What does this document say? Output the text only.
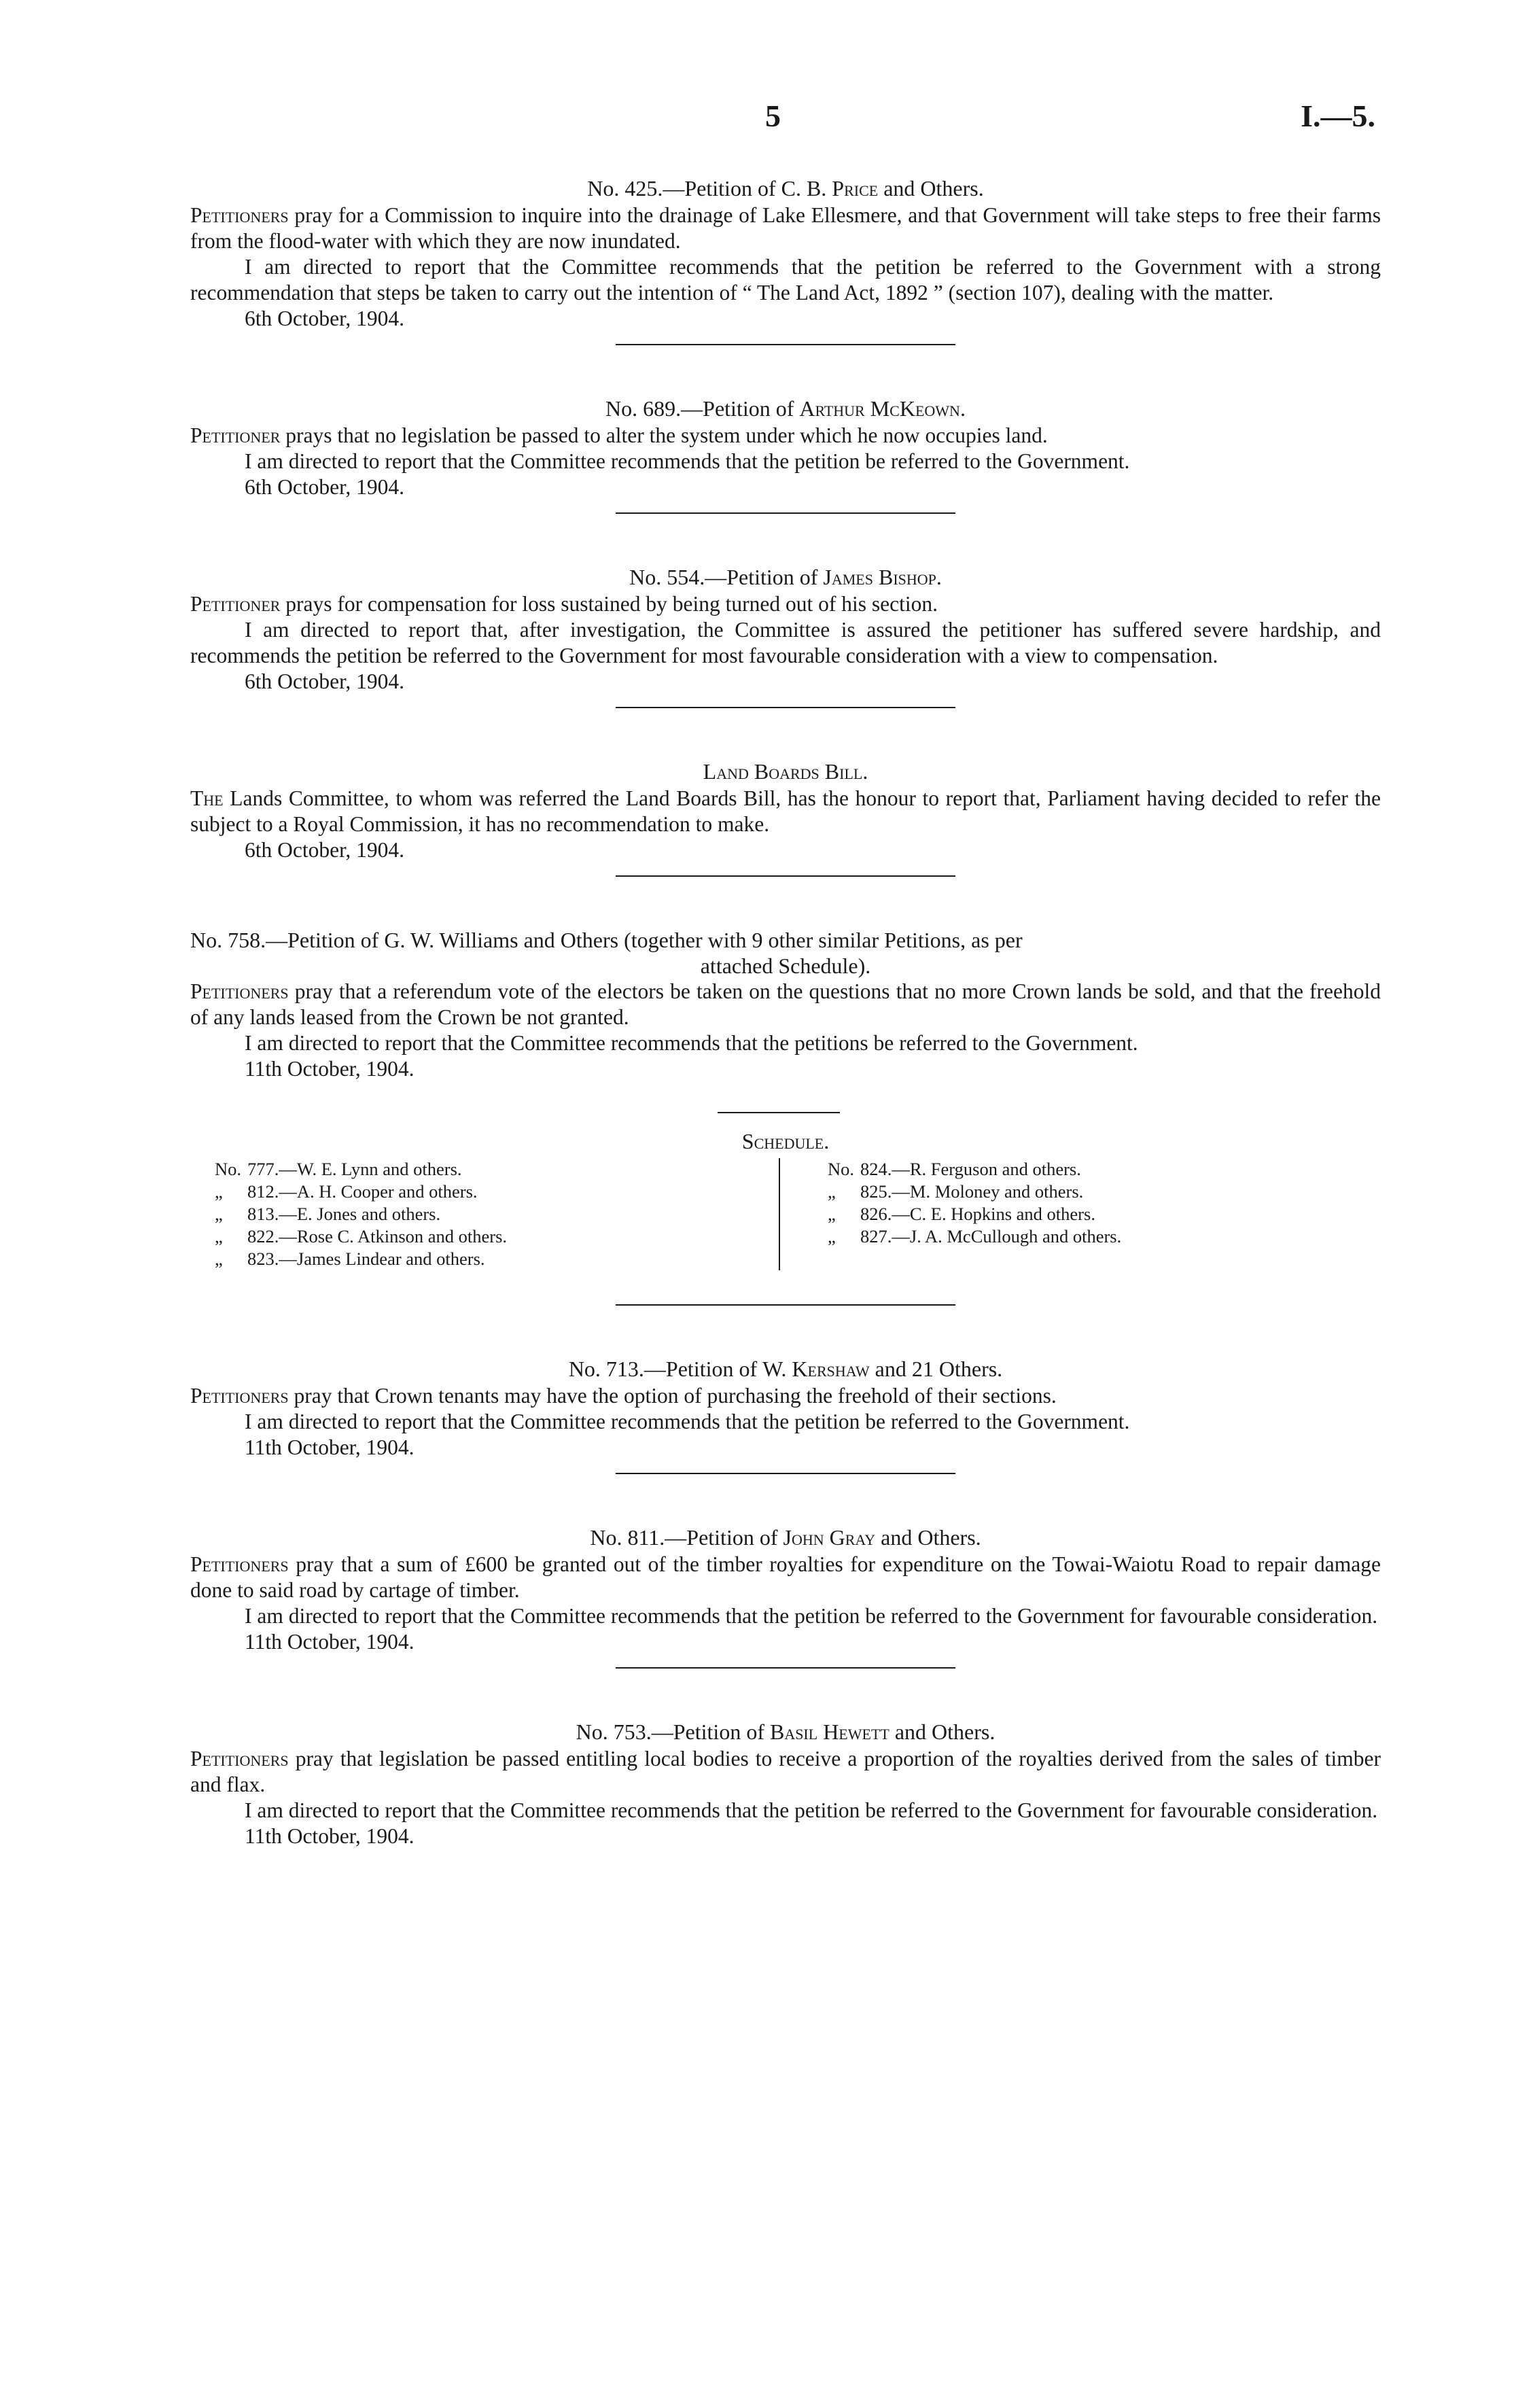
5	I.—5.
No. 425.—Petition of C. B. Price and Others.

Petitioners pray for a Commission to inquire into the drainage of Lake Ellesmere, and that Government will take steps to free their farms from the flood-water with which they are now inundated.

I am directed to report that the Committee recommends that the petition be referred to the Government with a strong recommendation that steps be taken to carry out the intention of “ The Land Act, 1892 ” (section 107), dealing with the matter.

6th October, 1904.
No. 689.—Petition of Arthur McKeown.

Petitioner prays that no legislation be passed to alter the system under which he now occupies land.

I am directed to report that the Committee recommends that the petition be referred to the Government.

6th October, 1904.
No. 554.—Petition of James Bishop.

Petitioner prays for compensation for loss sustained by being turned out of his section.

I am directed to report that, after investigation, the Committee is assured the petitioner has suffered severe hardship, and recommends the petition be referred to the Government for most favourable consideration with a view to compensation.

6th October, 1904.
Land Boards Bill.

The Lands Committee, to whom was referred the Land Boards Bill, has the honour to report that, Parliament having decided to refer the subject to a Royal Commission, it has no recommendation to make.

6th October, 1904.
No. 758.—Petition of G. W. Williams and Others (together with 9 other similar Petitions, as per
attached Schedule).

Petitioners pray that a referendum vote of the electors be taken on the questions that no more Crown lands be sold, and that the freehold of any lands leased from the Crown be not granted.

I am directed to report that the Committee recommends that the petitions be referred to the Government.

11th October, 1904.
Schedule.
No. 777.—W. E. Lynn and others.
„ 812.—A. H. Cooper and others.
„ 813.—E. Jones and others.
„ 822.—Rose C. Atkinson and others.
„ 823.—James Lindear and others.
No. 824.—R. Ferguson and others.
„ 825.—M. Moloney and others.
„ 826.—C. E. Hopkins and others.
„ 827.—J. A. McCullough and others.
No. 713.—Petition of W. Kershaw and 21 Others.

Petitioners pray that Crown tenants may have the option of purchasing the freehold of their sections.

I am directed to report that the Committee recommends that the petition be referred to the Government.

11th October, 1904.
No. 811.—Petition of John Gray and Others.

Petitioners pray that a sum of £600 be granted out of the timber royalties for expenditure on the Towai-Waiotu Road to repair damage done to said road by cartage of timber.

I am directed to report that the Committee recommends that the petition be referred to the Government for favourable consideration.

11th October, 1904.
No. 753.—Petition of Basil Hewett and Others.

Petitioners pray that legislation be passed entitling local bodies to receive a proportion of the royalties derived from the sales of timber and flax.

I am directed to report that the Committee recommends that the petition be referred to the Government for favourable consideration.

11th October, 1904.
